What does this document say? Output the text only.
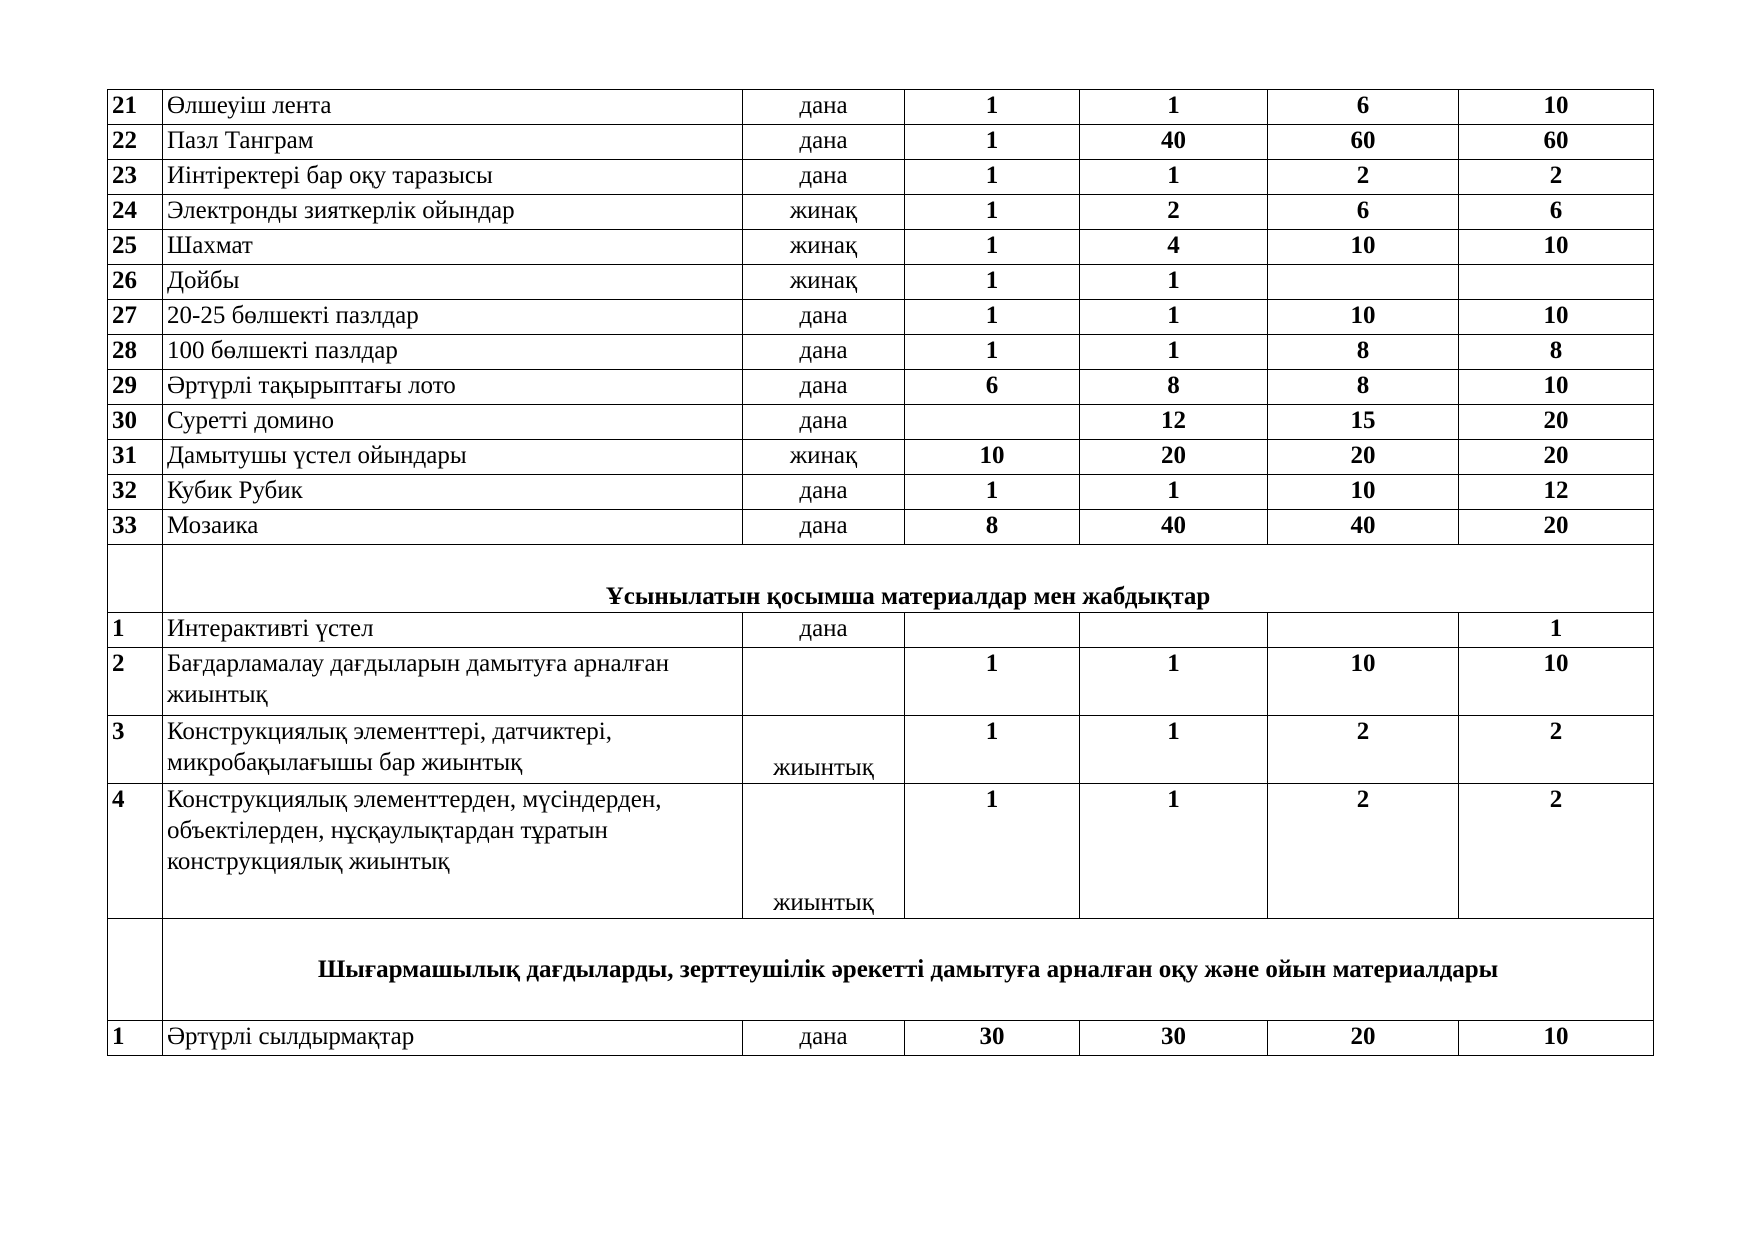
21	Өлшеуіш лента	дана	1	1	6	10
22	Пазл Танграм	дана	1	40	60	60
23	Иінтіректері бар оқу таразысы	дана	1	1	2	2
24	Электронды зияткерлік ойындар	жинақ	1	2	6	6
25	Шахмат	жинақ	1	4	10	10
26	Дойбы	жинақ	1	1		
27	20-25 бөлшекті пазлдар	дана	1	1	10	10
28	100 бөлшекті пазлдар	дана	1	1	8	8
29	Әртүрлі тақырыптағы лото	дана	6	8	8	10
30	Суретті домино	дана		12	15	20
31	Дамытушы үстел ойындары	жинақ	10	20	20	20
32	Кубик Рубик	дана	1	1	10	12
33	Мозаика	дана	8	40	40	20
	Ұсынылатын қосымша материалдар мен жабдықтар					
1	Интерактивті үстел	дана				1
2	Бағдарламалау дағдыларын дамытуға арналған жиынтық		1	1	10	10
3	Конструкциялық элементтері, датчиктері, микробақылағышы бар жиынтық	жиынтық	1	1	2	2
4	Конструкциялық элементтерден, мүсіндерден, объектілерден, нұсқаулықтардан тұратын конструкциялық жиынтық	жиынтық	1	1	2	2
	Шығармашылық дағдыларды, зерттеушілік әрекетті дамытуға арналған оқу және ойын материалдары					
1	Әртүрлі сылдырмақтар	дана	30	30	20	10
